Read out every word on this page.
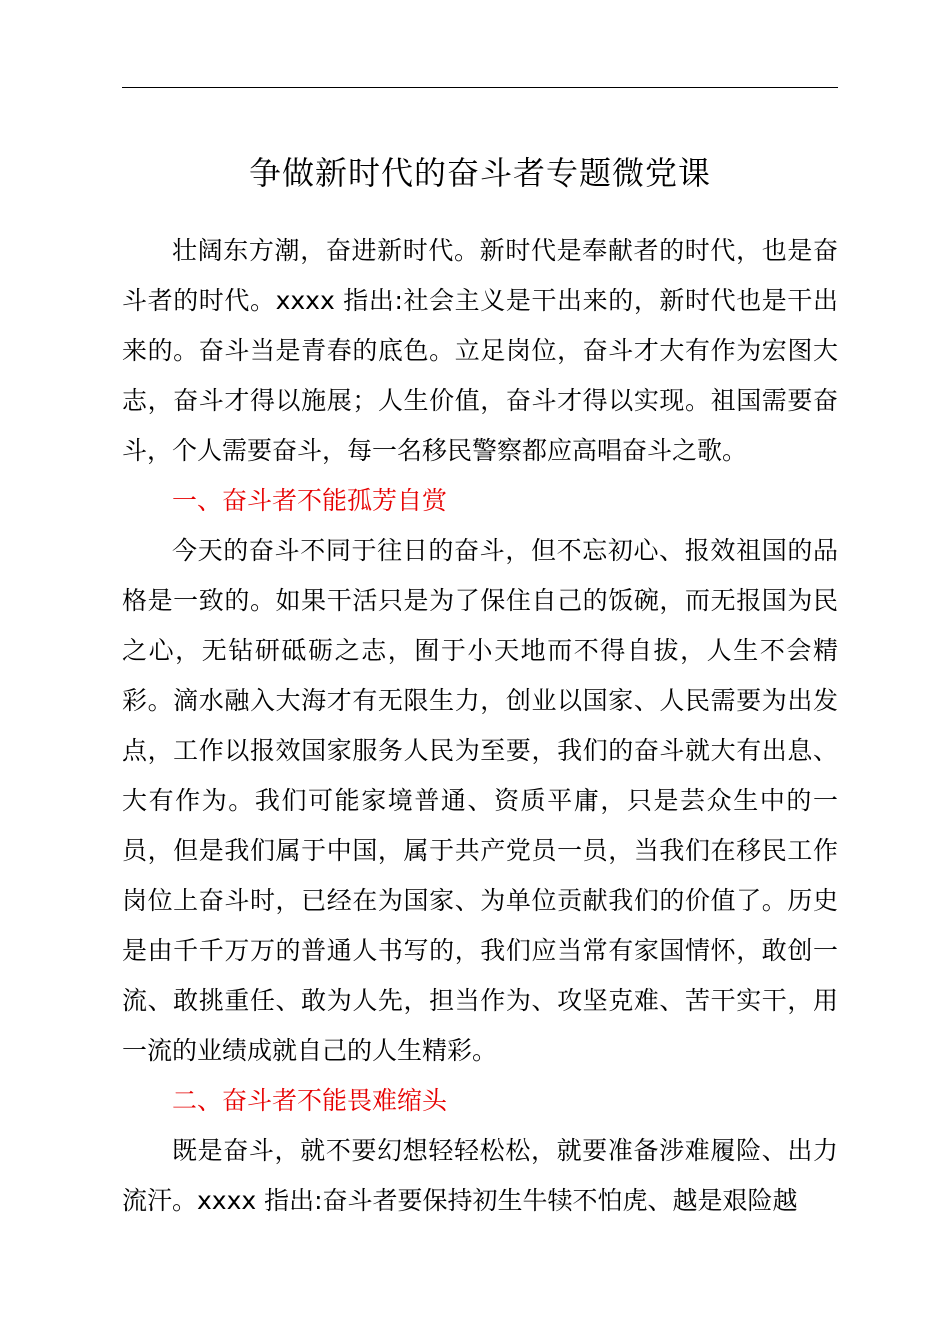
争做新时代的奋斗者专题微党课

壮阔东方潮，奋进新时代。新时代是奉献者的时代，也是奋斗者的时代。xxxx 指出:社会主义是干出来的，新时代也是干出来的。奋斗当是青春的底色。立足岗位，奋斗才大有作为宏图大志，奋斗才得以施展；人生价值，奋斗才得以实现。祖国需要奋斗，个人需要奋斗，每一名移民警察都应高唱奋斗之歌。

一、奋斗者不能孤芳自赏

今天的奋斗不同于往日的奋斗，但不忘初心、报效祖国的品格是一致的。如果干活只是为了保住自己的饭碗，而无报国为民之心，无钻研砥砺之志，囿于小天地而不得自拔，人生不会精彩。滴水融入大海才有无限生力，创业以国家、人民需要为出发点，工作以报效国家服务人民为至要，我们的奋斗就大有出息、大有作为。我们可能家境普通、资质平庸，只是芸众生中的一员，但是我们属于中国，属于共产党员一员，当我们在移民工作岗位上奋斗时，已经在为国家、为单位贡献我们的价值了。历史是由千千万万的普通人书写的，我们应当常有家国情怀，敢创一流、敢挑重任、敢为人先，担当作为、攻坚克难、苦干实干，用一流的业绩成就自己的人生精彩。

二、奋斗者不能畏难缩头

既是奋斗，就不要幻想轻轻松松，就要准备涉难履险、出力流汗。xxxx 指出:奋斗者要保持初生牛犊不怕虎、越是艰险越
